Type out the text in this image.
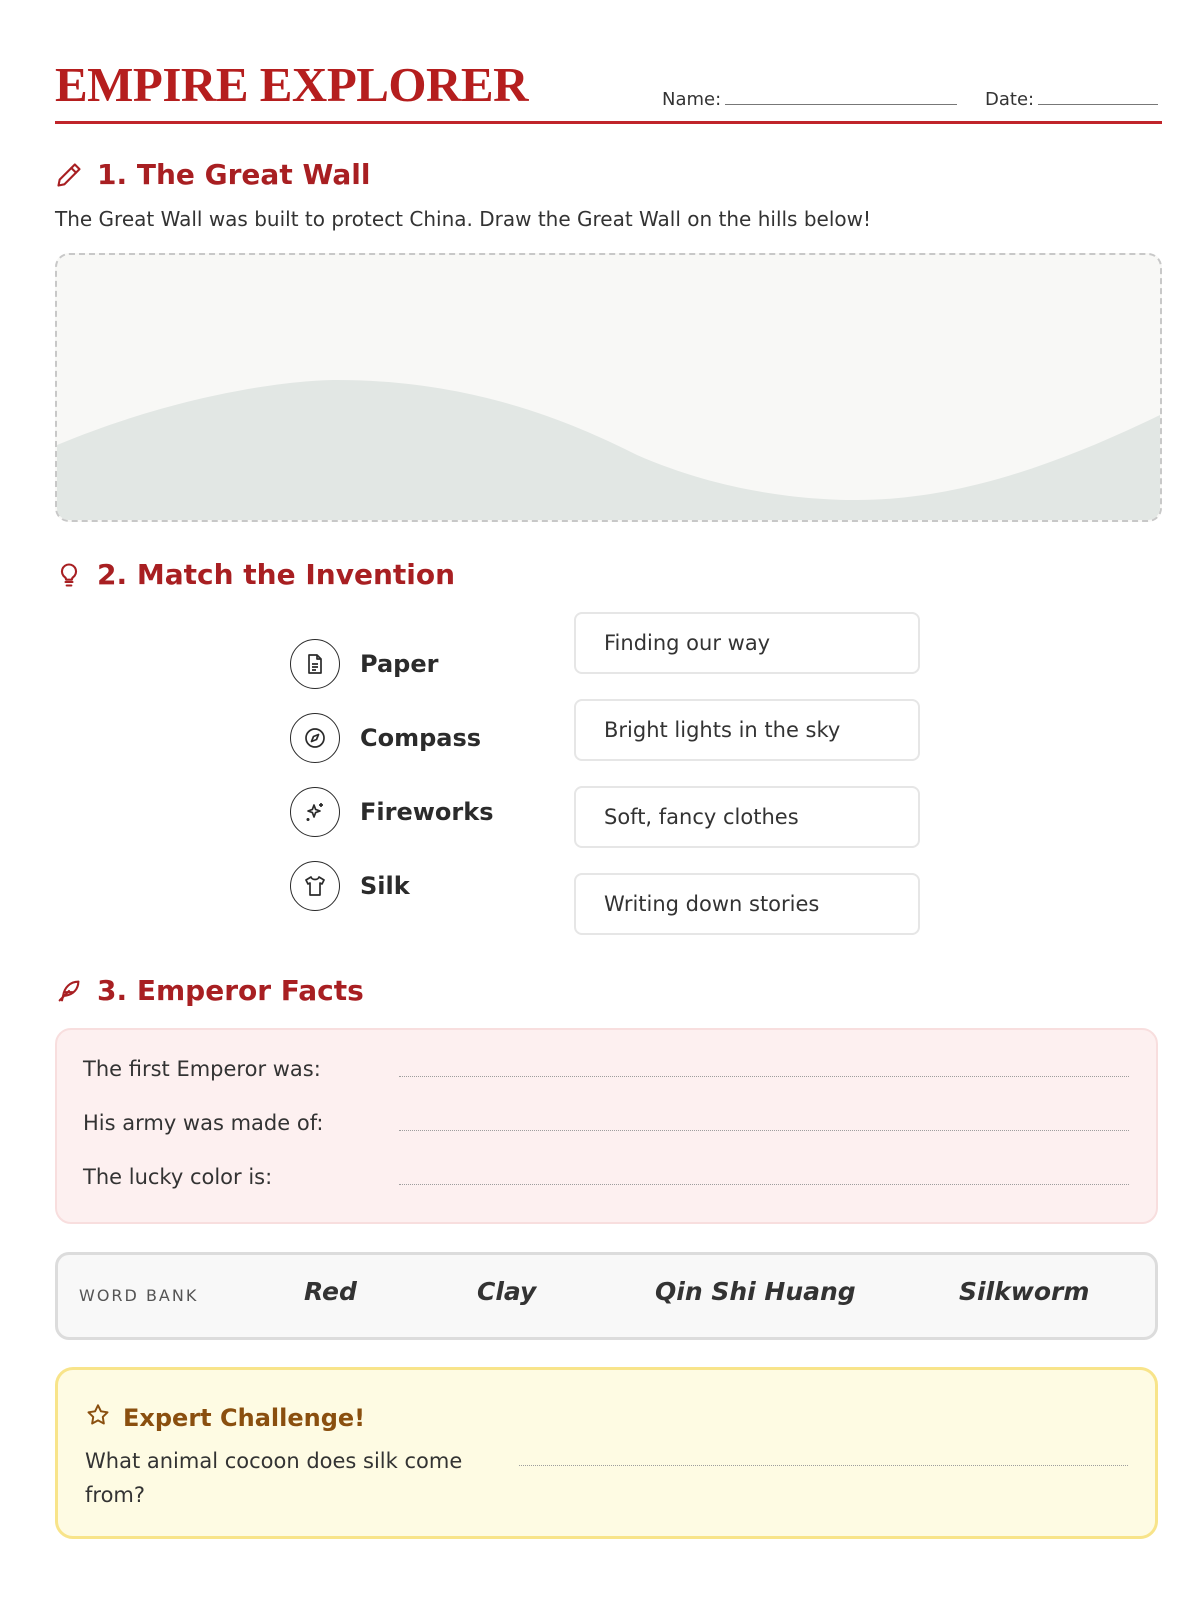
EMPIRE EXPLORER	Name:	Date:
1. The Great Wall
The Great Wall was built to protect China. Draw the Great Wall on the hills below!
2. Match the Invention
Paper
Compass
Fireworks
Silk
Finding our way
Bright lights in the sky
Soft, fancy clothes
Writing down stories
3. Emperor Facts
The first Emperor was:
His army was made of:
The lucky color is:
WORD BANK	Red	Clay	Qin Shi Huang	Silkworm
Expert Challenge!
What animal cocoon does silk come from?
